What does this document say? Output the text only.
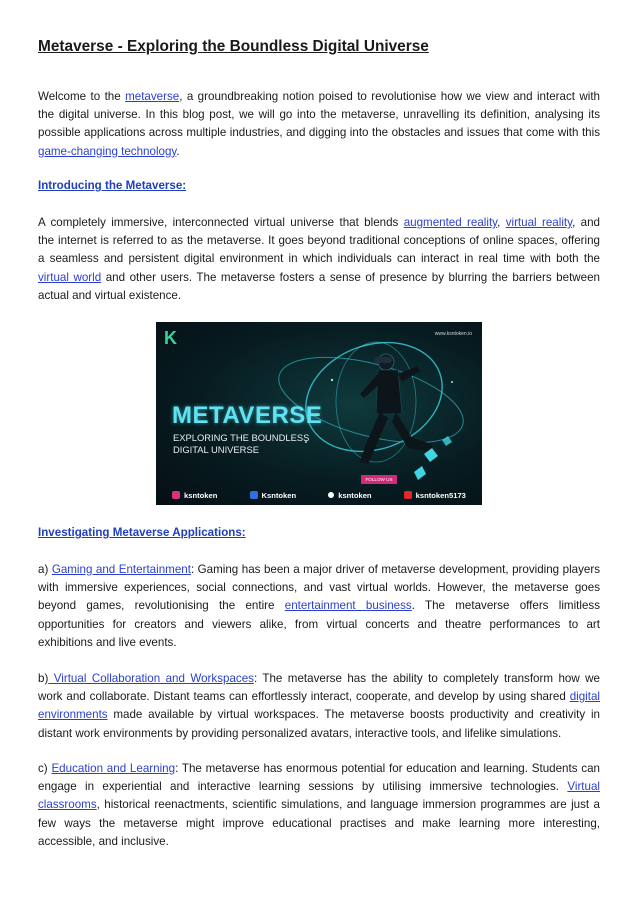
Metaverse - Exploring the Boundless Digital Universe
Welcome to the metaverse, a groundbreaking notion poised to revolutionise how we view and interact with
the digital universe. In this blog post, we will go into the metaverse, unravelling its definition, analysing its
possible applications across multiple industries, and digging into the obstacles and issues that come with this
game-changing technology.
Introducing the Metaverse:
A completely immersive, interconnected virtual universe that blends augmented reality, virtual reality, and
the internet is referred to as the metaverse. It goes beyond traditional conceptions of online spaces, offering
a seamless and persistent digital environment in which individuals can interact in real time with both the
virtual world and other users. The metaverse fosters a sense of presence by blurring the barriers between
actual and virtual existence.
K	www.ksntoken.io
METAVERSE
EXPLORING THE BOUNDLESS
DIGITAL UNIVERSE
FOLLOW US
ksntoken	Ksntoken	ksntoken	ksntoken5173
Investigating Metaverse Applications:
a) Gaming and Entertainment: Gaming has been a major driver of metaverse development, providing players
with immersive experiences, social connections, and vast virtual worlds. However, the metaverse goes
beyond games, revolutionising the entire entertainment business. The metaverse offers limitless
opportunities for creators and viewers alike, from virtual concerts and theatre performances to art
exhibitions and live events.
b) Virtual Collaboration and Workspaces: The metaverse has the ability to completely transform how we
work and collaborate. Distant teams can effortlessly interact, cooperate, and develop by using shared digital
environments made available by virtual workspaces. The metaverse boosts productivity and creativity in
distant work environments by providing personalized avatars, interactive tools, and lifelike simulations.
c) Education and Learning: The metaverse has enormous potential for education and learning. Students can
engage in experiential and interactive learning sessions by utilising immersive technologies. Virtual
classrooms, historical reenactments, scientific simulations, and language immersion programmes are just a
few ways the metaverse might improve educational practises and make learning more interesting,
accessible, and inclusive.
